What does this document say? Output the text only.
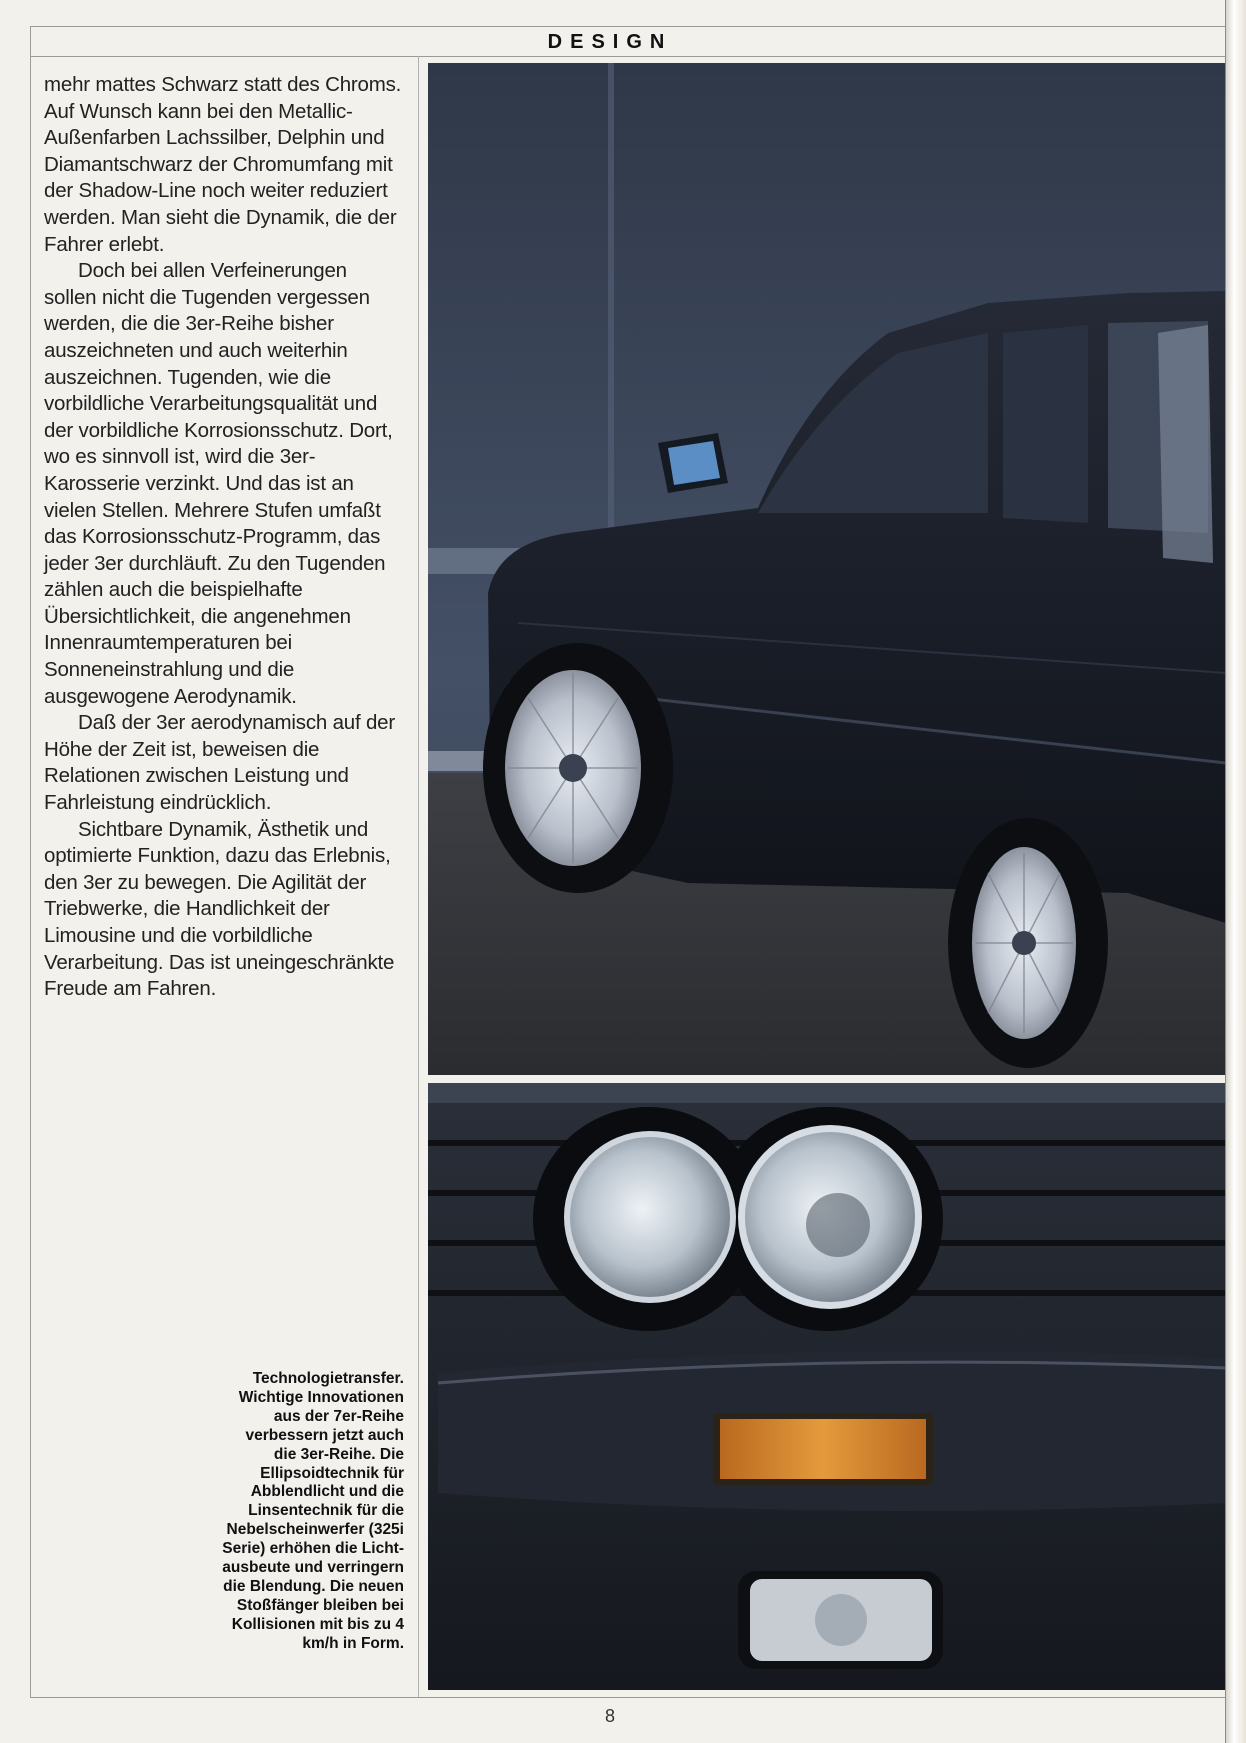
DESIGN

mehr mattes Schwarz statt des Chroms. Auf Wunsch kann bei den Metallic-Außenfarben Lachssilber, Delphin und Diamantschwarz der Chromumfang mit der Shadow-Line noch weiter reduziert werden. Man sieht die Dynamik, die der Fahrer erlebt.

Doch bei allen Verfeinerungen sollen nicht die Tugenden vergessen werden, die die 3er-Reihe bisher auszeichneten und auch weiterhin auszeichnen. Tugenden, wie die vorbildliche Verarbeitungsqualität und der vorbildliche Korrosionsschutz. Dort, wo es sinnvoll ist, wird die 3er-Karosserie verzinkt. Und das ist an vielen Stellen. Mehrere Stufen umfaßt das Korrosionsschutz-Programm, das jeder 3er durchläuft. Zu den Tugenden zählen auch die beispielhafte Übersichtlichkeit, die angenehmen Innenraumtemperaturen bei Sonneneinstrahlung und die ausgewogene Aerodynamik.

Daß der 3er aerodynamisch auf der Höhe der Zeit ist, beweisen die Relationen zwischen Leistung und Fahrleistung eindrücklich.

Sichtbare Dynamik, Ästhetik und optimierte Funktion, dazu das Erlebnis, den 3er zu bewegen. Die Agilität der Triebwerke, die Handlichkeit der Limousine und die vorbildliche Verarbeitung. Das ist uneingeschränkte Freude am Fahren.

Technologietransfer. Wichtige Innovationen aus der 7er-Reihe verbessern jetzt auch die 3er-Reihe. Die Ellipsoidtechnik für Abblendlicht und die Linsentechnik für die Nebelscheinwerfer (325i Serie) erhöhen die Lichtausbeute und verringern die Blendung. Die neuen Stoßfänger bleiben bei Kollisionen mit bis zu 4 km/h in Form.
8
